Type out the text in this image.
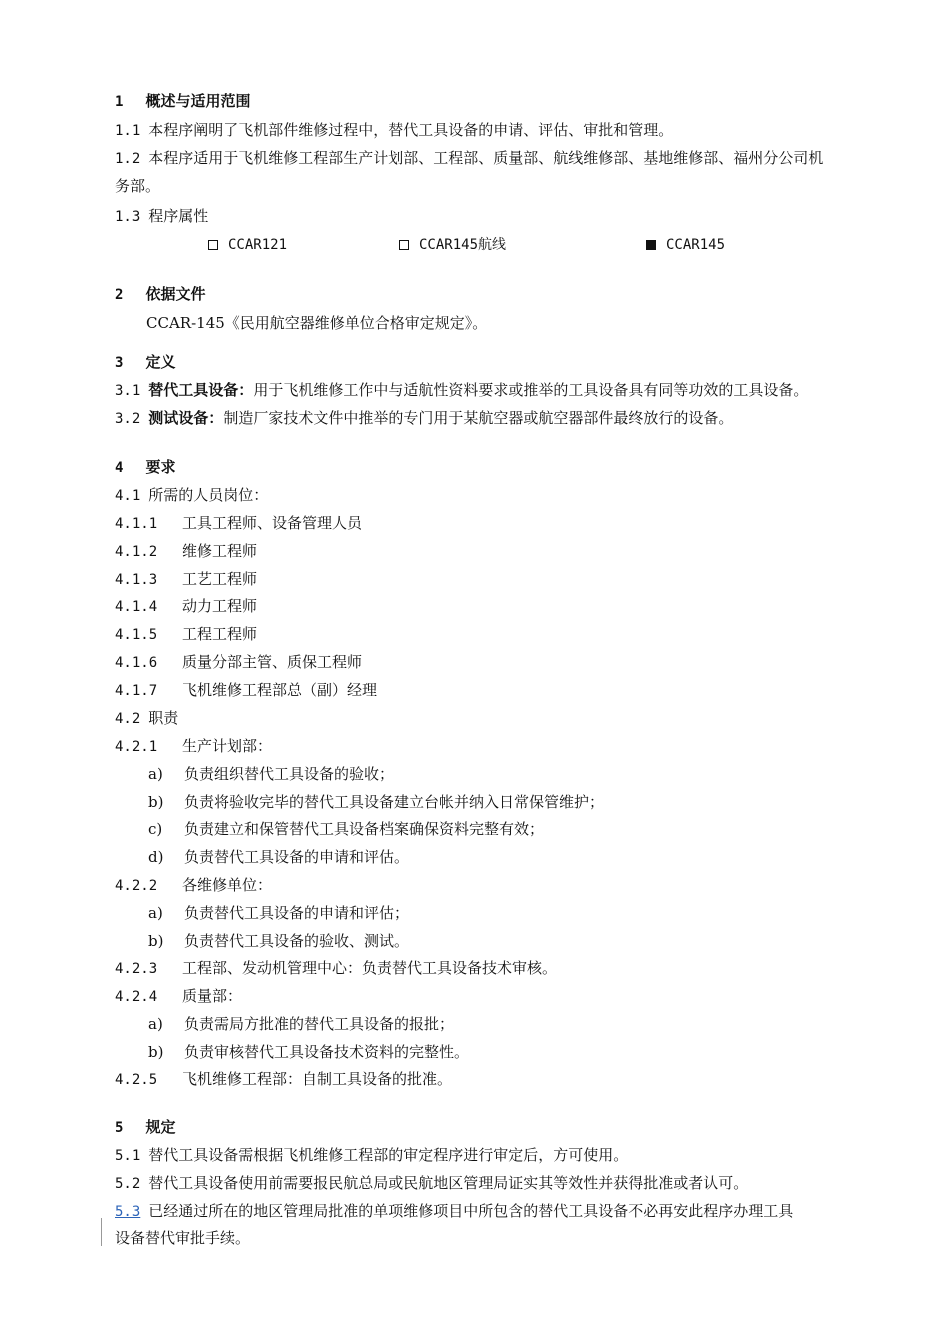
1 概述与适用范围
1.1 本程序阐明了飞机部件维修过程中，替代工具设备的申请、评估、审批和管理。
1.2 本程序适用于飞机维修工程部生产计划部、工程部、质量部、航线维修部、基地维修部、福州分公司机
务部。
1.3 程序属性
CCAR121	CCAR145航线	CCAR145
2 依据文件
CCAR-145《民用航空器维修单位合格审定规定》。
3 定义
3.1 替代工具设备：用于飞机维修工作中与适航性资料要求或推举的工具设备具有同等功效的工具设备。
3.2 测试设备：制造厂家技术文件中推举的专门用于某航空器或航空器部件最终放行的设备。
4 要求
4.1 所需的人员岗位：
4.1.1 工具工程师、设备管理人员
4.1.2 维修工程师
4.1.3 工艺工程师
4.1.4 动力工程师
4.1.5 工程工程师
4.1.6 质量分部主管、质保工程师
4.1.7 飞机维修工程部总（副）经理
4.2 职责
4.2.1 生产计划部：
a) 负责组织替代工具设备的验收；
b) 负责将验收完毕的替代工具设备建立台帐并纳入日常保管维护；
c) 负责建立和保管替代工具设备档案确保资料完整有效；
d) 负责替代工具设备的申请和评估。
4.2.2 各维修单位：
a) 负责替代工具设备的申请和评估；
b) 负责替代工具设备的验收、测试。
4.2.3 工程部、发动机管理中心：负责替代工具设备技术审核。
4.2.4 质量部：
a) 负责需局方批准的替代工具设备的报批；
b) 负责审核替代工具设备技术资料的完整性。
4.2.5 飞机维修工程部：自制工具设备的批准。
5 规定
5.1 替代工具设备需根据飞机维修工程部的审定程序进行审定后，方可使用。
5.2 替代工具设备使用前需要报民航总局或民航地区管理局证实其等效性并获得批准或者认可。
5.3 已经通过所在的地区管理局批准的单项维修项目中所包含的替代工具设备不必再安此程序办理工具
设备替代审批手续。
